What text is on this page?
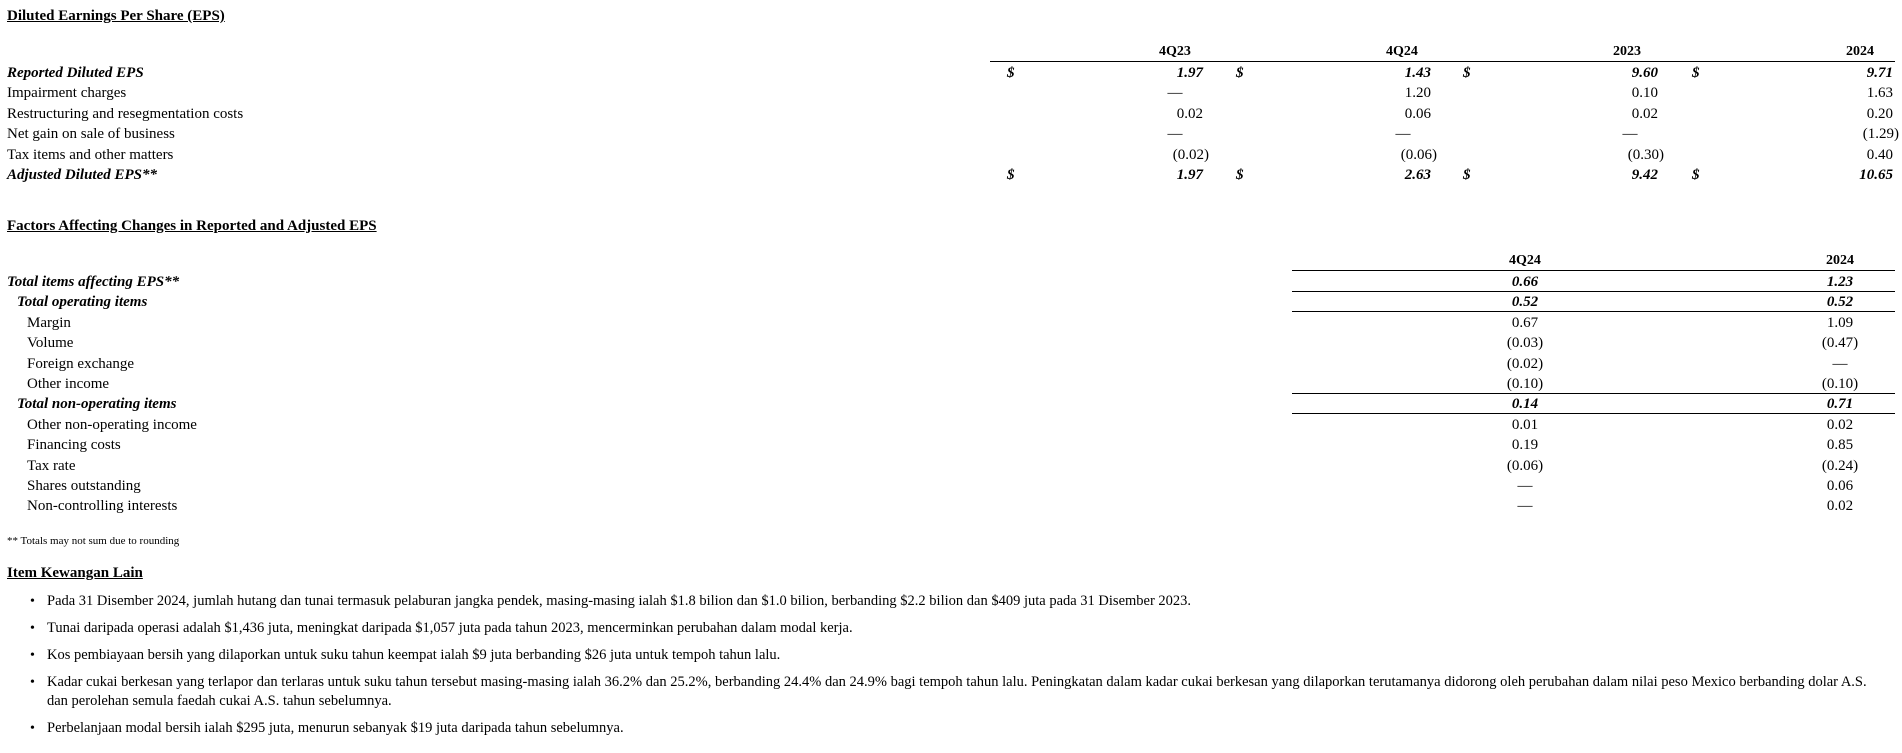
Diluted Earnings Per Share (EPS)
4Q23	4Q24	2023	2024
Reported Diluted EPS	$	1.97 $	1.43 $	9.60 $	9.71
Impairment charges	—	1.20	0.10	1.63
Restructuring and resegmentation costs	0.02	0.06	0.02	0.20
Net gain on sale of business	—	—	—	(1.29)
Tax items and other matters	(0.02)	(0.06)	(0.30)	0.40
Adjusted Diluted EPS**	$	1.97 $	2.63 $	9.42 $	10.65
Factors Affecting Changes in Reported and Adjusted EPS
4Q24	2024
Total items affecting EPS**	0.66	1.23
Total operating items	0.52	0.52
Margin	0.67	1.09
Volume	(0.03)	(0.47)
Foreign exchange	(0.02)	—
Other income	(0.10)	(0.10)
Total non-operating items	0.14	0.71
Other non-operating income	0.01	0.02
Financing costs	0.19	0.85
Tax rate	(0.06)	(0.24)
Shares outstanding	—	0.06
Non-controlling interests	—	0.02
** Totals may not sum due to rounding
Item Kewangan Lain
• Pada 31 Disember 2024, jumlah hutang dan tunai termasuk pelaburan jangka pendek, masing-masing ialah $1.8 bilion dan $1.0 bilion, berbanding $2.2 bilion dan $409 juta pada 31 Disember 2023.
• Tunai daripada operasi adalah $1,436 juta, meningkat daripada $1,057 juta pada tahun 2023, mencerminkan perubahan dalam modal kerja.
• Kos pembiayaan bersih yang dilaporkan untuk suku tahun keempat ialah $9 juta berbanding $26 juta untuk tempoh tahun lalu.
• Kadar cukai berkesan yang terlapor dan terlaras untuk suku tahun tersebut masing-masing ialah 36.2% dan 25.2%, berbanding 24.4% dan 24.9% bagi tempoh tahun lalu. Peningkatan dalam kadar cukai berkesan yang dilaporkan terutamanya didorong oleh perubahan dalam nilai peso Mexico berbanding dolar A.S. dan perolehan semula faedah cukai A.S. tahun sebelumnya.
• Perbelanjaan modal bersih ialah $295 juta, menurun sebanyak $19 juta daripada tahun sebelumnya.
